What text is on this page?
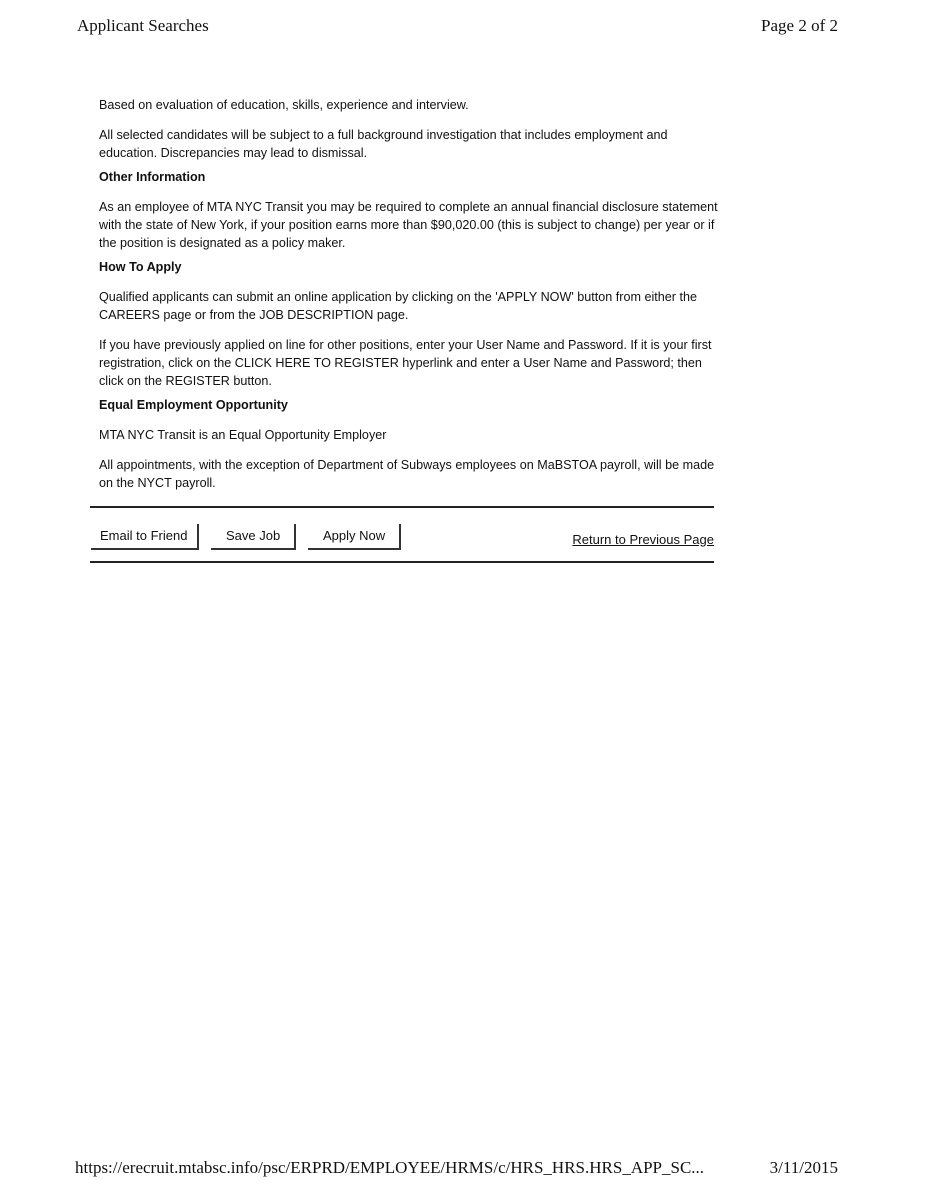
Applicant Searches	Page 2 of 2

Based on evaluation of education, skills, experience and interview.

All selected candidates will be subject to a full background investigation that includes employment and education. Discrepancies may lead to dismissal.

Other Information

As an employee of MTA NYC Transit you may be required to complete an annual financial disclosure statement with the state of New York, if your position earns more than $90,020.00 (this is subject to change) per year or if the position is designated as a policy maker.

How To Apply

Qualified applicants can submit an online application by clicking on the 'APPLY NOW' button from either the CAREERS page or from the JOB DESCRIPTION page.

If you have previously applied on line for other positions, enter your User Name and Password. If it is your first registration, click on the CLICK HERE TO REGISTER hyperlink and enter a User Name and Password; then click on the REGISTER button.

Equal Employment Opportunity

MTA NYC Transit is an Equal Opportunity Employer

All appointments, with the exception of Department of Subways employees on MaBSTOA payroll, will be made on the NYCT payroll.

Email to Friend	Save Job	Apply Now	Return to Previous Page
https://erecruit.mtabsc.info/psc/ERPRD/EMPLOYEE/HRMS/c/HRS_HRS.HRS_APP_SC...	3/11/2015
